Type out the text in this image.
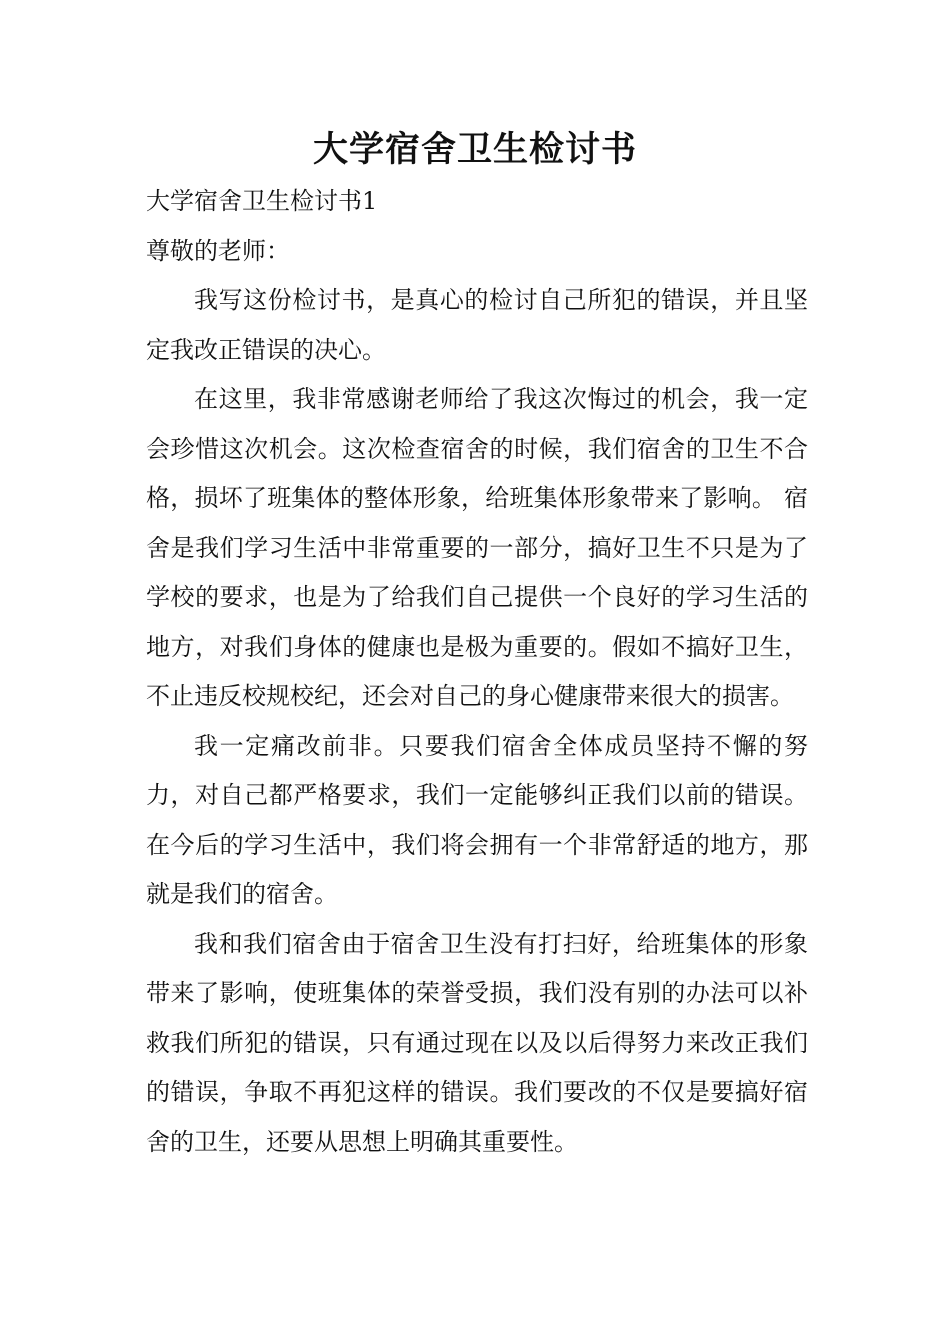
大学宿舍卫生检讨书

大学宿舍卫生检讨书1

尊敬的老师：

我写这份检讨书，是真心的检讨自己所犯的错误，并且坚定我改正错误的决心。

在这里，我非常感谢老师给了我这次悔过的机会，我一定会珍惜这次机会。这次检查宿舍的时候，我们宿舍的卫生不合格，损坏了班集体的整体形象，给班集体形象带来了影响。 宿舍是我们学习生活中非常重要的一部分，搞好卫生不只是为了学校的要求，也是为了给我们自己提供一个良好的学习生活的地方，对我们身体的健康也是极为重要的。假如不搞好卫生，不止违反校规校纪，还会对自己的身心健康带来很大的损害。

我一定痛改前非。只要我们宿舍全体成员坚持不懈的努力，对自己都严格要求，我们一定能够纠正我们以前的错误。在今后的学习生活中，我们将会拥有一个非常舒适的地方，那就是我们的宿舍。

我和我们宿舍由于宿舍卫生没有打扫好，给班集体的形象带来了影响，使班集体的荣誉受损，我们没有别的办法可以补救我们所犯的错误，只有通过现在以及以后得努力来改正我们的错误，争取不再犯这样的错误。我们要改的不仅是要搞好宿舍的卫生，还要从思想上明确其重要性。
